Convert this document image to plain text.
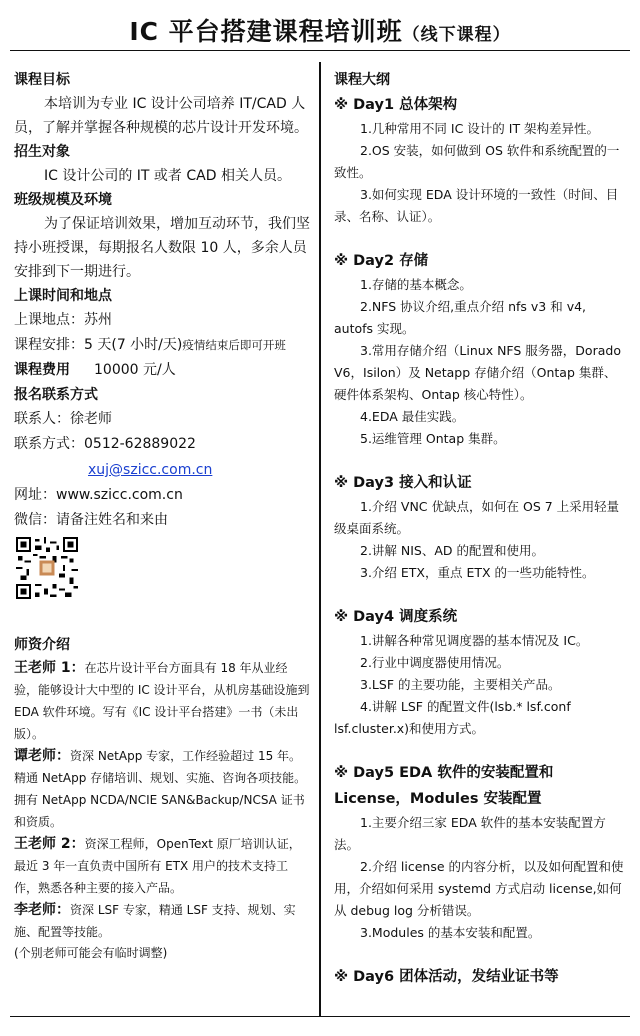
IC 平台搭建课程培训班（线下课程）
课程目标
本培训为专业 IC 设计公司培养 IT/CAD 人员，了解并掌握各种规模的芯片设计开发环境。
招生对象
IC 设计公司的 IT 或者 CAD 相关人员。
班级规模及环境
为了保证培训效果，增加互动环节，我们坚持小班授课，每期报名人数限 10 人，多余人员安排到下一期进行。
上课时间和地点
上课地点：苏州
课程安排：5 天(7 小时/天)疫情结束后即可开班
课程费用 10000 元/人
报名联系方式
联系人：徐老师
联系方式：0512-62889022
xuj@szicc.com.cn
网址：www.szicc.com.cn
微信：请备注姓名和来由
师资介绍
王老师 1：在芯片设计平台方面具有 18 年从业经验，能够设计大中型的 IC 设计平台，从机房基础设施到 EDA 软件环境。写有《IC 设计平台搭建》一书（未出版）。
谭老师：资深 NetApp 专家，工作经验超过 15 年。精通 NetApp 存储培训、规划、实施、咨询各项技能。拥有 NetApp NCDA/NCIE SAN&Backup/NCSA 证书和资质。
王老师 2：资深工程师，OpenText 原厂培训认证，最近 3 年一直负责中国所有 ETX 用户的技术支持工作，熟悉各种主要的接入产品。
李老师：资深 LSF 专家，精通 LSF 支持、规划、实施、配置等技能。
(个别老师可能会有临时调整)
课程大纲
※ Day1 总体架构
1.几种常用不同 IC 设计的 IT 架构差异性。
2.OS 安装，如何做到 OS 软件和系统配置的一致性。
3.如何实现 EDA 设计环境的一致性（时间、目录、名称、认证）。
※ Day2 存储
1.存储的基本概念。
2.NFS 协议介绍,重点介绍 nfs v3 和 v4, autofs 实现。
3.常用存储介绍（Linux NFS 服务器，Dorado V6，Isilon）及 Netapp 存储介绍（Ontap 集群、硬件体系架构、Ontap 核心特性）。
4.EDA 最佳实践。
5.运维管理 Ontap 集群。
※ Day3 接入和认证
1.介绍 VNC 优缺点，如何在 OS 7 上采用轻量级桌面系统。
2.讲解 NIS、AD 的配置和使用。
3.介绍 ETX，重点 ETX 的一些功能特性。
※ Day4 调度系统
1.讲解各种常见调度器的基本情况及 IC。
2.行业中调度器使用情况。
3.LSF 的主要功能，主要相关产品。
4.讲解 LSF 的配置文件(lsb.* lsf.conf lsf.cluster.x)和使用方式。
※ Day5 EDA 软件的安装配置和 License，Modules 安装配置
1.主要介绍三家 EDA 软件的基本安装配置方法。
2.介绍 license 的内容分析，以及如何配置和使用，介绍如何采用 systemd 方式启动 license,如何从 debug log 分析错误。
3.Modules 的基本安装和配置。
※ Day6 团体活动，发结业证书等
